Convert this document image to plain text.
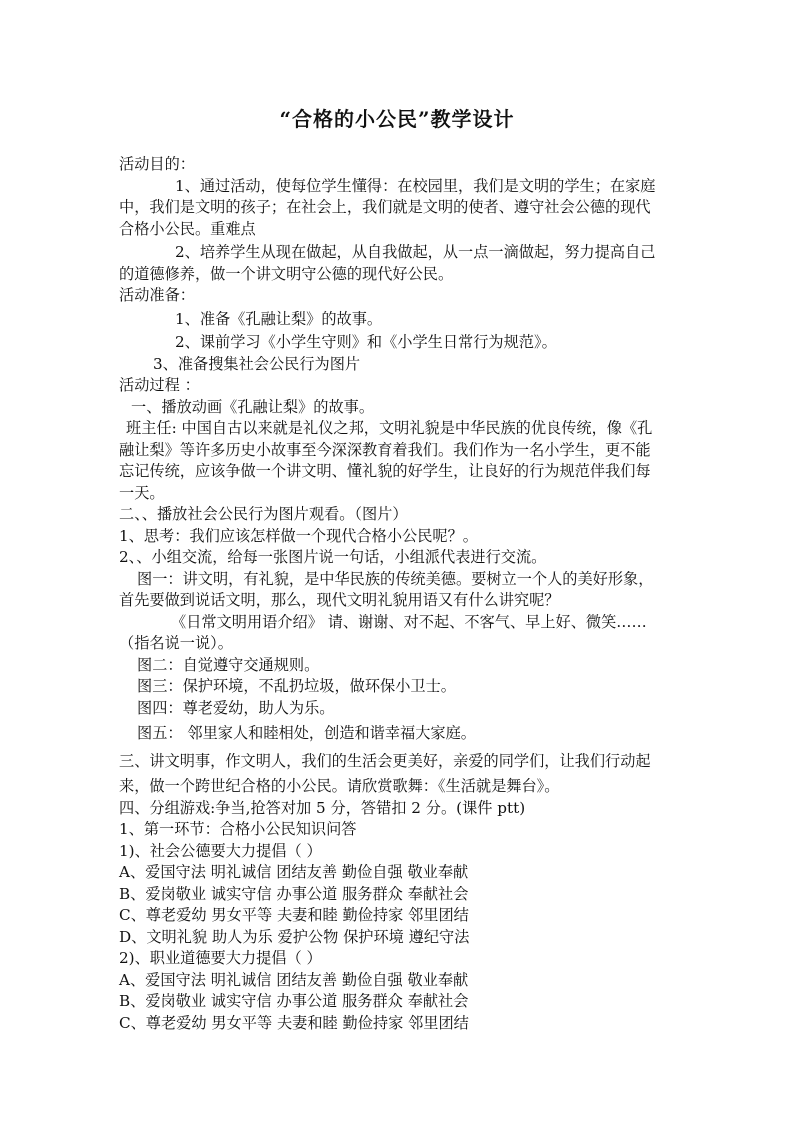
“合格的小公民”教学设计

活动目的：

1、通过活动，使每位学生懂得：在校园里，我们是文明的学生；在家庭

中，我们是文明的孩子；在社会上，我们就是文明的使者、遵守社会公德的现代

合格小公民。重难点

2、培养学生从现在做起，从自我做起，从一点一滴做起，努力提高自己

的道德修养，做一个讲文明守公德的现代好公民。

活动准备：

1、准备《孔融让梨》的故事。

2、课前学习《小学生守则》和《小学生日常行为规范》。

3、准备搜集社会公民行为图片

活动过程 ：

一、播放动画《孔融让梨》的故事。

班主任: 中国自古以来就是礼仪之邦，文明礼貌是中华民族的优良传统，像《孔

融让梨》等许多历史小故事至今深深教育着我们。我们作为一名小学生，更不能

忘记传统，应该争做一个讲文明、懂礼貌的好学生，让良好的行为规范伴我们每

一天。

二、、播放社会公民行为图片观看。（图片）

1、思考：我们应该怎样做一个现代合格小公民呢？。

2、、小组交流，给每一张图片说一句话，小组派代表进行交流。

图一：讲文明，有礼貌，是中华民族的传统美德。要树立一个人的美好形象，

首先要做到说话文明，那么，现代文明礼貌用语又有什么讲究呢？

《日常文明用语介绍》 请、谢谢、对不起、不客气、早上好、微笑……

（指名说一说）。

图二：自觉遵守交通规则。

图三：保护环境，不乱扔垃圾，做环保小卫士。

图四：尊老爱幼，助人为乐。

图五： 邻里家人和睦相处，创造和谐幸福大家庭。

三、讲文明事，作文明人，我们的生活会更美好，亲爱的同学们，让我们行动起

来，做一个跨世纪合格的小公民。请欣赏歌舞：《生活就是舞台》。

四、分组游戏:争当,抢答对加 5 分，答错扣 2 分。(课件 ptt)

1、第一环节：合格小公民知识问答

1)、社会公德要大力提倡（ ）

A、爱国守法 明礼诚信 团结友善 勤俭自强 敬业奉献

B、爱岗敬业 诚实守信 办事公道 服务群众 奉献社会

C、尊老爱幼 男女平等 夫妻和睦 勤俭持家 邻里团结

D、文明礼貌 助人为乐 爱护公物 保护环境 遵纪守法

2)、职业道德要大力提倡（ ）

A、爱国守法 明礼诚信 团结友善 勤俭自强 敬业奉献

B、爱岗敬业 诚实守信 办事公道 服务群众 奉献社会

C、尊老爱幼 男女平等 夫妻和睦 勤俭持家 邻里团结
